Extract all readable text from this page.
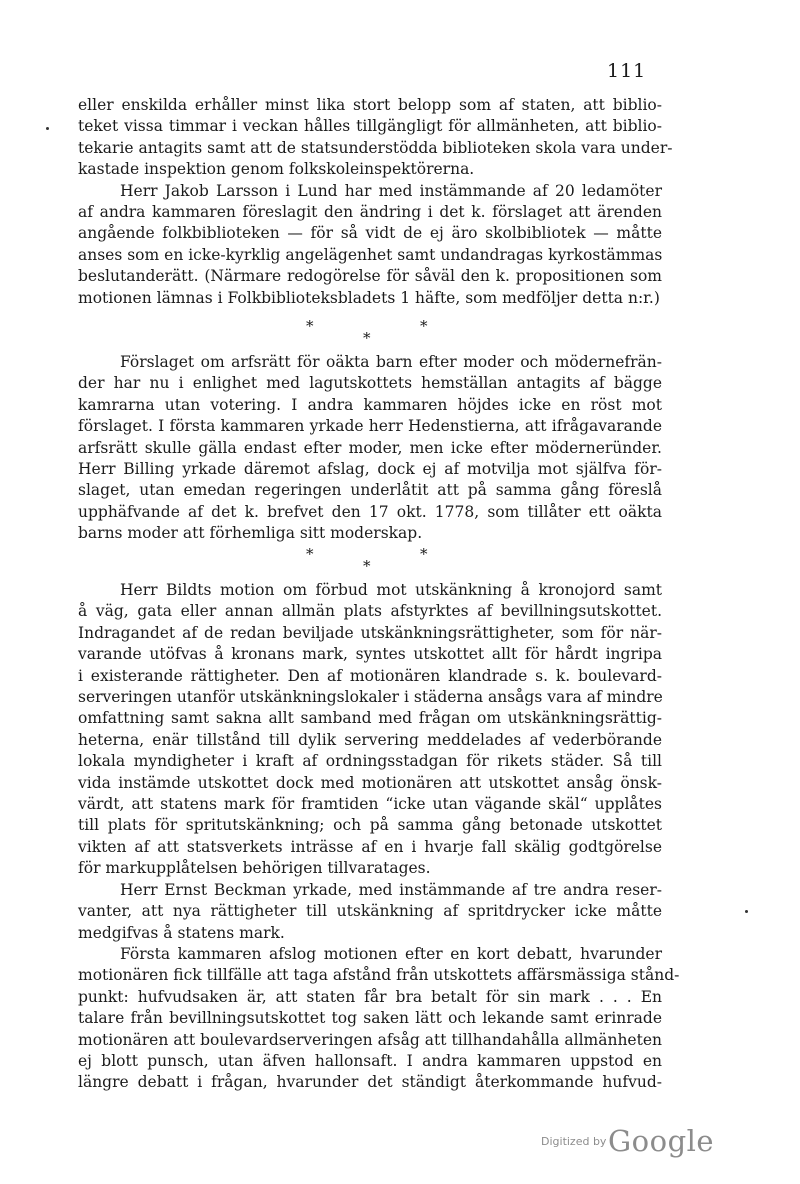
111
eller enskilda erhåller minst lika stort belopp som af staten, att biblio-
teket vissa timmar i veckan hålles tillgängligt för allmänheten, att biblio-
tekarie antagits samt att de statsunderstödda biblioteken skola vara under-
kastade inspektion genom folkskoleinspektörerna.
Herr Jakob Larsson i Lund har med instämmande af 20 ledamöter
af andra kammaren föreslagit den ändring i det k. förslaget att ärenden
angående folkbiblioteken — för så vidt de ej äro skolbibliotek — måtte
anses som en icke-kyrklig angelägenhet samt undandragas kyrkostämmas
beslutanderätt. (Närmare redogörelse för såväl den k. propositionen som
motionen lämnas i Folkbiblioteksbladets 1 häfte, som medföljer detta n:r.)
*	*
*
Förslaget om arfsrätt för oäkta barn efter moder och mödernefrän-
der har nu i enlighet med lagutskottets hemställan antagits af bägge
kamrarna utan votering. I andra kammaren höjdes icke en röst mot
förslaget. I första kammaren yrkade herr Hedenstierna, att ifrågavarande
arfsrätt skulle gälla endast efter moder, men icke efter möderneründer.
Herr Billing yrkade däremot afslag, dock ej af motvilja mot själfva för-
slaget, utan emedan regeringen underlåtit att på samma gång föreslå
upphäfvande af det k. brefvet den 17 okt. 1778, som tillåter ett oäkta
barns moder att förhemliga sitt moderskap.
*	*
*
Herr Bildts motion om förbud mot utskänkning å kronojord samt
å väg, gata eller annan allmän plats afstyrktes af bevillningsutskottet.
Indragandet af de redan beviljade utskänkningsrättigheter, som för när-
varande utöfvas å kronans mark, syntes utskottet allt för hårdt ingripa
i existerande rättigheter. Den af motionären klandrade s. k. boulevard-
serveringen utanför utskänkningslokaler i städerna ansågs vara af mindre
omfattning samt sakna allt samband med frågan om utskänkningsrättig-
heterna, enär tillstånd till dylik servering meddelades af vederbörande
lokala myndigheter i kraft af ordningsstadgan för rikets städer. Så till
vida instämde utskottet dock med motionären att utskottet ansåg önsk-
värdt, att statens mark för framtiden “icke utan vägande skäl“ upplåtes
till plats för spritutskänkning; och på samma gång betonade utskottet
vikten af att statsverkets inträsse af en i hvarje fall skälig godtgörelse
för markupplåtelsen behörigen tillvaratages.
Herr Ernst Beckman yrkade, med instämmande af tre andra reser-
vanter, att nya rättigheter till utskänkning af spritdrycker icke måtte
medgifvas å statens mark.
Första kammaren afslog motionen efter en kort debatt, hvarunder
motionären fick tillfälle att taga afstånd från utskottets affärsmässiga stånd-
punkt: hufvudsaken är, att staten får bra betalt för sin mark . . . En
talare från bevillningsutskottet tog saken lätt och lekande samt erinrade
motionären att boulevardserveringen afsåg att tillhandahålla allmänheten
ej blott punsch, utan äfven hallonsaft. I andra kammaren uppstod en
längre debatt i frågan, hvarunder det ständigt återkommande hufvud-
Digitized by Google
